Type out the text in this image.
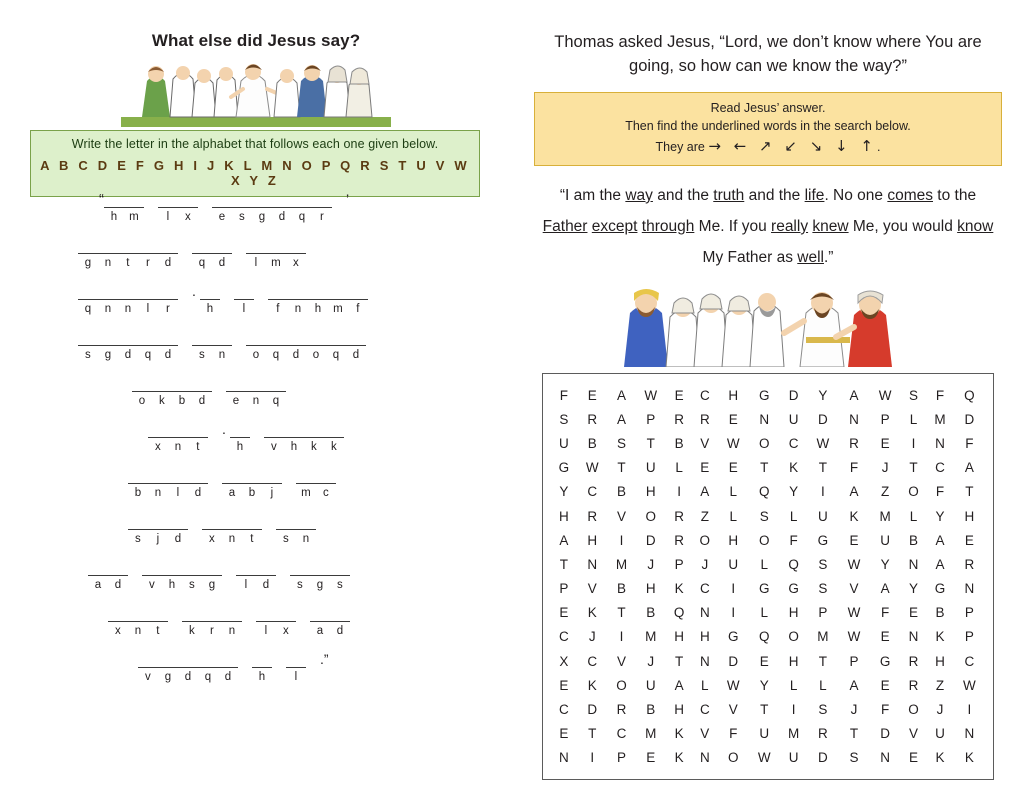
What else did Jesus say?
Write the letter in the alphabet that follows each one given below.
A B C D E F G H I J K L M N O P Q R S T U V W X Y Z
“
h	m	l	x	e	s	g	d	q	r
’
g	n	t	r	d	q	d	l	m	x
q	n	n	l	r
.
h	l	f	n	h	m	f
s	g	d	q	d	s	n	o	q	d	o	q	d
o	k	b	d	e	n	q
x	n	t
.
h	v	h	k	k
b	n	l	d	a	b	j	m	c
s	j	d	x	n	t	s	n
a	d	v	h	s	g	l	d	s	g	s
x	n	t	k	r	n	l	x	a	d
v	g	d	q	d	h	l
.”
Thomas asked Jesus, “Lord, we don’t know where You are going, so how can we know the way?”
Read Jesus’ answer.
Then find the underlined words in the search below.
They are → ← ↗ ↙ ↘ ↓ ↑.
“I am the way and the truth and the life. No one comes to the Father except through Me. If you really knew Me, you would know My Father as well.”
F	E	A	W	E	C	H	G	D	Y	A	W	S	F	Q
S	R	A	P	R	R	E	N	U	D	N	P	L	M	D
U	B	S	T	B	V	W	O	C	W	R	E	I	N	F
G	W	T	U	L	E	E	T	K	T	F	J	T	C	A
Y	C	B	H	I	A	L	Q	Y	I	A	Z	O	F	T
H	R	V	O	R	Z	L	S	L	U	K	M	L	Y	H
A	H	I	D	R	O	H	O	F	G	E	U	B	A	E
T	N	M	J	P	J	U	L	Q	S	W	Y	N	A	R
P	V	B	H	K	C	I	G	G	S	V	A	Y	G	N
E	K	T	B	Q	N	I	L	H	P	W	F	E	B	P
C	J	I	M	H	H	G	Q	O	M	W	E	N	K	P
X	C	V	J	T	N	D	E	H	T	P	G	R	H	C
E	K	O	U	A	L	W	Y	L	L	A	E	R	Z	W
C	D	R	B	H	C	V	T	I	S	J	F	O	J	I
E	T	C	M	K	V	F	U	M	R	T	D	V	U	N
N	I	P	E	K	N	O	W	U	D	S	N	E	K	K
